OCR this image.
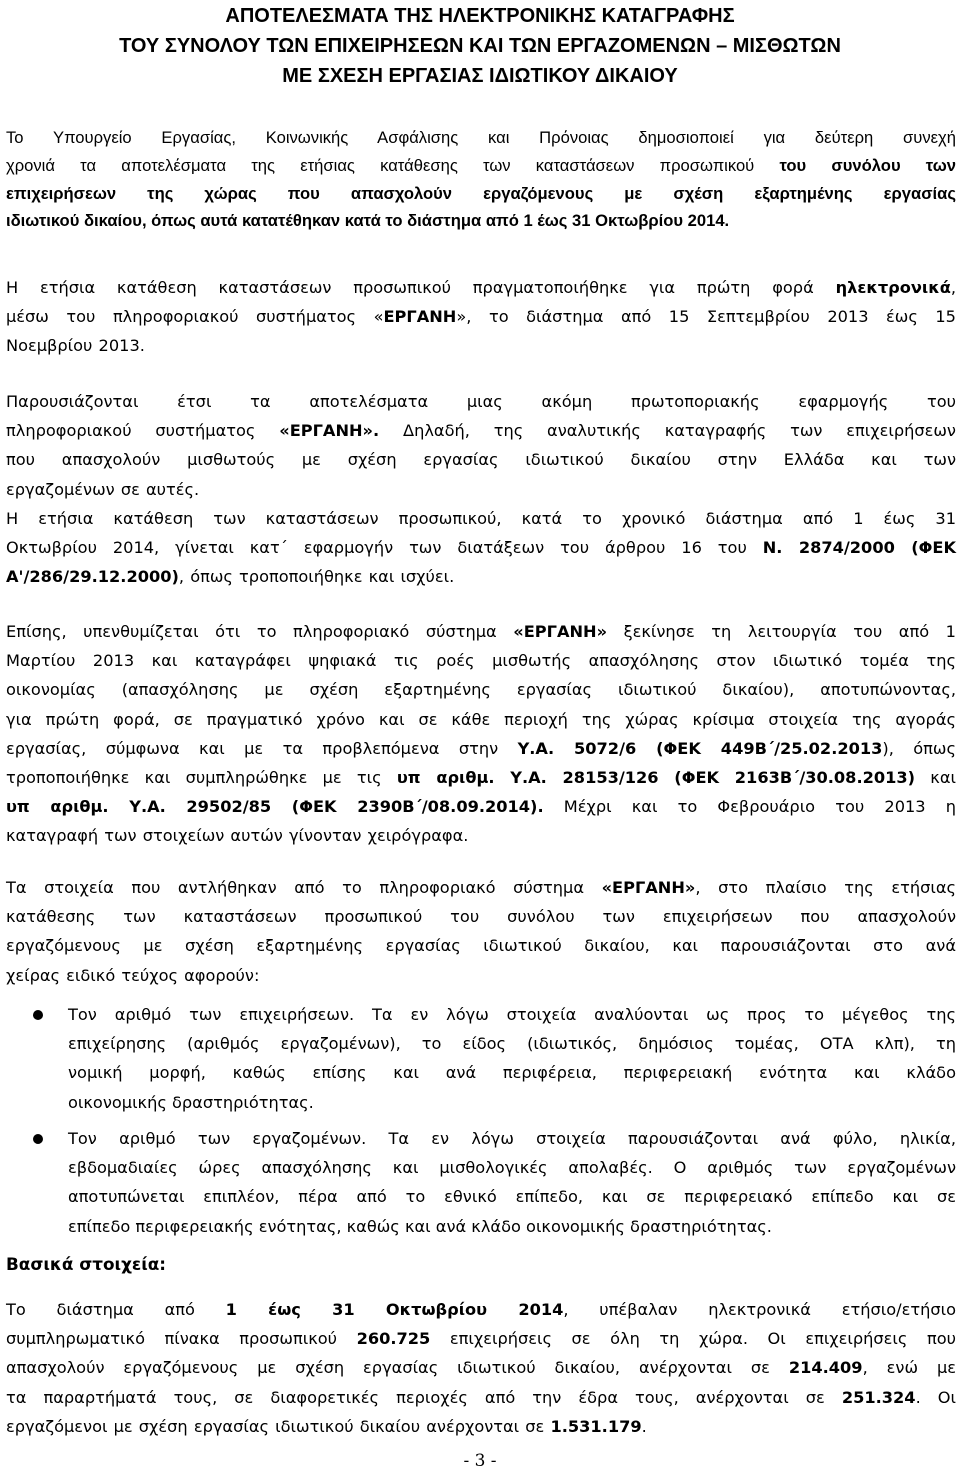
ΑΠΟΤΕΛΕΣΜΑΤΑ ΤΗΣ ΗΛΕΚΤΡΟΝΙΚΗΣ ΚΑΤΑΓΡΑΦΗΣ
ΤΟΥ ΣΥΝΟΛΟΥ ΤΩΝ ΕΠΙΧΕΙΡΗΣΕΩΝ ΚΑΙ ΤΩΝ ΕΡΓΑΖΟΜΕΝΩΝ – ΜΙΣΘΩΤΩΝ
ΜΕ ΣΧΕΣΗ ΕΡΓΑΣΙΑΣ ΙΔΙΩΤΙΚΟΥ ΔΙΚΑΙΟΥ
Το Υπουργείο Εργασίας, Κοινωνικής Ασφάλισης και Πρόνοιας δημοσιοποιεί για δεύτερη συνεχή
χρονιά τα αποτελέσματα της ετήσιας κατάθεσης των καταστάσεων προσωπικού του συνόλου των
επιχειρήσεων της χώρας που απασχολούν εργαζόμενους με σχέση εξαρτημένης εργασίας
ιδιωτικού δικαίου, όπως αυτά κατατέθηκαν κατά το διάστημα από 1 έως 31 Οκτωβρίου 2014.
Η ετήσια κατάθεση καταστάσεων προσωπικού πραγματοποιήθηκε για πρώτη φορά ηλεκτρονικά,
μέσω του πληροφοριακού συστήματος «ΕΡΓΑΝΗ», το διάστημα από 15 Σεπτεμβρίου 2013 έως 15
Νοεμβρίου 2013.
Παρουσιάζονται έτσι τα αποτελέσματα μιας ακόμη πρωτοποριακής εφαρμογής του
πληροφοριακού συστήματος «ΕΡΓΑΝΗ». Δηλαδή, της αναλυτικής καταγραφής των επιχειρήσεων
που απασχολούν μισθωτούς με σχέση εργασίας ιδιωτικού δικαίου στην Ελλάδα και των
εργαζομένων σε αυτές.
Η ετήσια κατάθεση των καταστάσεων προσωπικού, κατά το χρονικό διάστημα από 1 έως 31
Οκτωβρίου 2014, γίνεται κατ΄ εφαρμογήν των διατάξεων του άρθρου 16 του Ν. 2874/2000 (ΦΕΚ
Α'/286/29.12.2000), όπως τροποποιήθηκε και ισχύει.
Επίσης, υπενθυμίζεται ότι το πληροφοριακό σύστημα «ΕΡΓΑΝΗ» ξεκίνησε τη λειτουργία του από 1
Μαρτίου 2013 και καταγράφει ψηφιακά τις ροές μισθωτής απασχόλησης στον ιδιωτικό τομέα της
οικονομίας (απασχόλησης με σχέση εξαρτημένης εργασίας ιδιωτικού δικαίου), αποτυπώνοντας,
για πρώτη φορά, σε πραγματικό χρόνο και σε κάθε περιοχή της χώρας κρίσιμα στοιχεία της αγοράς
εργασίας, σύμφωνα και με τα προβλεπόμενα στην Υ.Α. 5072/6 (ΦΕΚ 449Β΄/25.02.2013), όπως
τροποποιήθηκε και συμπληρώθηκε με τις υπ αριθμ. Υ.Α. 28153/126 (ΦΕΚ 2163Β΄/30.08.2013) και
υπ αριθμ. Υ.Α. 29502/85 (ΦΕΚ 2390Β΄/08.09.2014). Μέχρι και το Φεβρουάριο του 2013 η
καταγραφή των στοιχείων αυτών γίνονταν χειρόγραφα.
Τα στοιχεία που αντλήθηκαν από το πληροφοριακό σύστημα «ΕΡΓΑΝΗ», στο πλαίσιο της ετήσιας
κατάθεσης των καταστάσεων προσωπικού του συνόλου των επιχειρήσεων που απασχολούν
εργαζόμενους με σχέση εξαρτημένης εργασίας ιδιωτικού δικαίου, και παρουσιάζονται στο ανά
χείρας ειδικό τεύχος αφορούν:
Τον αριθμό των επιχειρήσεων. Τα εν λόγω στοιχεία αναλύονται ως προς το μέγεθος της
επιχείρησης (αριθμός εργαζομένων), το είδος (ιδιωτικός, δημόσιος τομέας, ΟΤΑ κλπ), τη
νομική μορφή, καθώς επίσης και ανά περιφέρεια, περιφερειακή ενότητα και κλάδο
οικονομικής δραστηριότητας.
Τον αριθμό των εργαζομένων. Τα εν λόγω στοιχεία παρουσιάζονται ανά φύλο, ηλικία,
εβδομαδιαίες ώρες απασχόλησης και μισθολογικές απολαβές. Ο αριθμός των εργαζομένων
αποτυπώνεται επιπλέον, πέρα από το εθνικό επίπεδο, και σε περιφερειακό επίπεδο και σε
επίπεδο περιφερειακής ενότητας, καθώς και ανά κλάδο οικονομικής δραστηριότητας.
Βασικά στοιχεία:
Το διάστημα από 1 έως 31 Οκτωβρίου 2014, υπέβαλαν ηλεκτρονικά ετήσιο/ετήσιο
συμπληρωματικό πίνακα προσωπικού 260.725 επιχειρήσεις σε όλη τη χώρα. Οι επιχειρήσεις που
απασχολούν εργαζόμενους με σχέση εργασίας ιδιωτικού δικαίου, ανέρχονται σε 214.409, ενώ με
τα παραρτήματά τους, σε διαφορετικές περιοχές από την έδρα τους, ανέρχονται σε 251.324. Οι
εργαζόμενοι με σχέση εργασίας ιδιωτικού δικαίου ανέρχονται σε 1.531.179.
- 3 -
